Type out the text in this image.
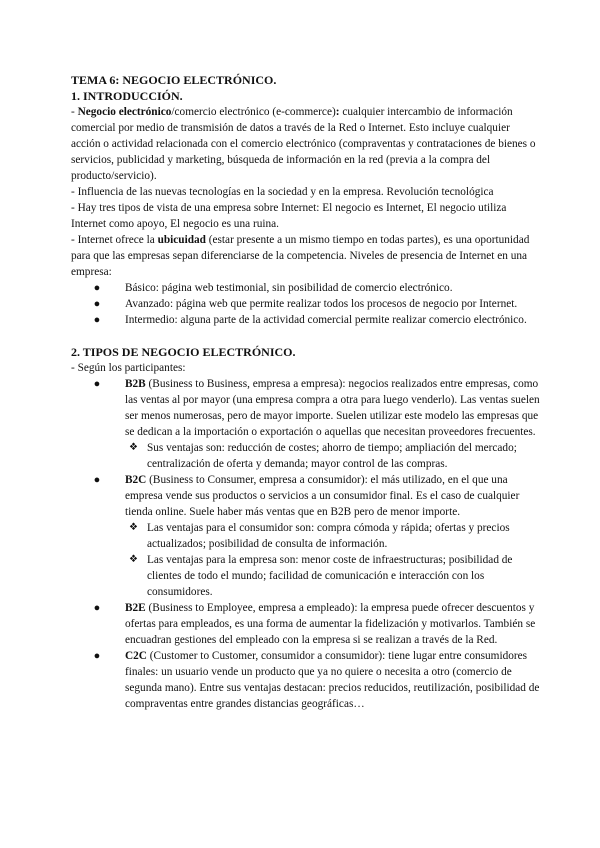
TEMA 6: NEGOCIO ELECTRÓNICO.
1. INTRODUCCIÓN.

- Negocio electrónico/comercio electrónico (e-commerce): cualquier intercambio de información comercial por medio de transmisión de datos a través de la Red o Internet. Esto incluye cualquier acción o actividad relacionada con el comercio electrónico (compraventas y contrataciones de bienes o servicios, publicidad y marketing, búsqueda de información en la red (previa a la compra del producto/servicio).

- Influencia de las nuevas tecnologías en la sociedad y en la empresa. Revolución tecnológica

- Hay tres tipos de vista de una empresa sobre Internet: El negocio es Internet, El negocio utiliza Internet como apoyo, El negocio es una ruina.

- Internet ofrece la ubicuidad (estar presente a un mismo tiempo en todas partes), es una oportunidad para que las empresas sepan diferenciarse de la competencia. Niveles de presencia de Internet en una empresa:

● Básico: página web testimonial, sin posibilidad de comercio electrónico.
● Avanzado: página web que permite realizar todos los procesos de negocio por Internet.
● Intermedio: alguna parte de la actividad comercial permite realizar comercio electrónico.
2. TIPOS DE NEGOCIO ELECTRÓNICO.

- Según los participantes:

● B2B (Business to Business, empresa a empresa): negocios realizados entre empresas, como las ventas al por mayor (una empresa compra a otra para luego venderlo). Las ventas suelen ser menos numerosas, pero de mayor importe. Suelen utilizar este modelo las empresas que se dedican a la importación o exportación o aquellas que necesitan proveedores frecuentes.
❖ Sus ventajas son: reducción de costes; ahorro de tiempo; ampliación del mercado; centralización de oferta y demanda; mayor control de las compras.
● B2C (Business to Consumer, empresa a consumidor): el más utilizado, en el que una empresa vende sus productos o servicios a un consumidor final. Es el caso de cualquier tienda online. Suele haber más ventas que en B2B pero de menor importe.
❖ Las ventajas para el consumidor son: compra cómoda y rápida; ofertas y precios actualizados; posibilidad de consulta de información.
❖ Las ventajas para la empresa son: menor coste de infraestructuras; posibilidad de clientes de todo el mundo; facilidad de comunicación e interacción con los consumidores.
● B2E (Business to Employee, empresa a empleado): la empresa puede ofrecer descuentos y ofertas para empleados, es una forma de aumentar la fidelización y motivarlos. También se encuadran gestiones del empleado con la empresa si se realizan a través de la Red.
● C2C (Customer to Customer, consumidor a consumidor): tiene lugar entre consumidores finales: un usuario vende un producto que ya no quiere o necesita a otro (comercio de segunda mano). Entre sus ventajas destacan: precios reducidos, reutilización, posibilidad de compraventas entre grandes distancias geográficas…
